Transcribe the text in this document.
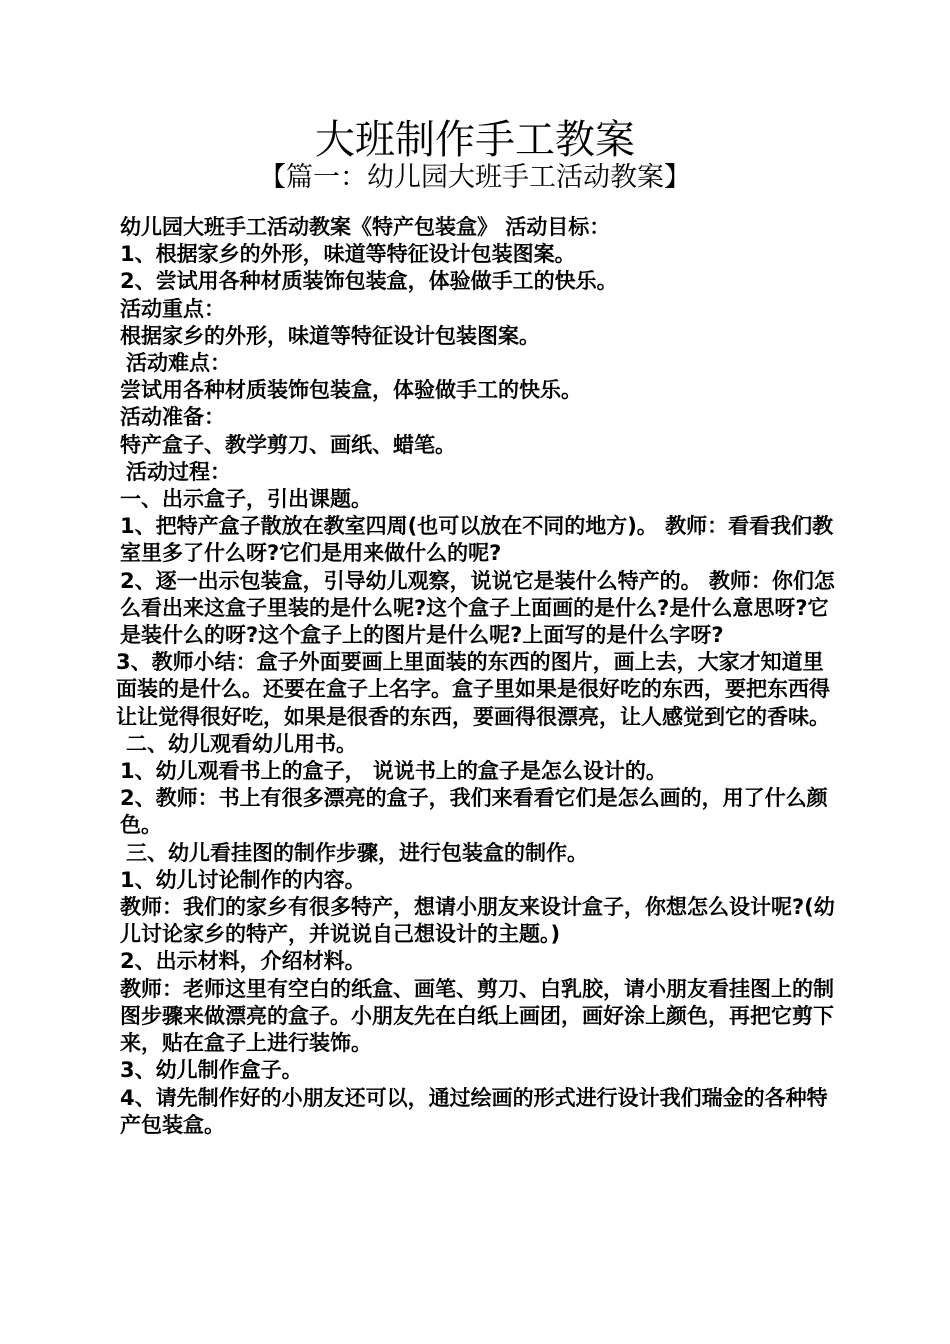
大班制作手工教案
【篇一：幼儿园大班手工活动教案】

幼儿园大班手工活动教案《特产包装盒》 活动目标：

1、根据家乡的外形，味道等特征设计包装图案。

2、尝试用各种材质装饰包装盒，体验做手工的快乐。

活动重点：

根据家乡的外形，味道等特征设计包装图案。

活动难点：

尝试用各种材质装饰包装盒，体验做手工的快乐。

活动准备：

特产盒子、教学剪刀、画纸、蜡笔。

活动过程：

一、出示盒子，引出课题。

1、把特产盒子散放在教室四周(也可以放在不同的地方)。 教师：看看我们教室里多了什么呀?它们是用来做什么的呢?

2、逐一出示包装盒，引导幼儿观察，说说它是装什么特产的。 教师：你们怎么看出来这盒子里装的是什么呢?这个盒子上面画的是什么?是什么意思呀?它是装什么的呀?这个盒子上的图片是什么呢?上面写的是什么字呀?

3、教师小结：盒子外面要画上里面装的东西的图片，画上去，大家才知道里面装的是什么。还要在盒子上名字。盒子里如果是很好吃的东西，要把东西得让让觉得很好吃，如果是很香的东西，要画得很漂亮，让人感觉到它的香味。

二、幼儿观看幼儿用书。

1、幼儿观看书上的盒子， 说说书上的盒子是怎么设计的。

2、教师：书上有很多漂亮的盒子，我们来看看它们是怎么画的，用了什么颜色。

三、幼儿看挂图的制作步骤，进行包装盒的制作。

1、幼儿讨论制作的内容。

教师：我们的家乡有很多特产，想请小朋友来设计盒子，你想怎么设计呢?(幼儿讨论家乡的特产，并说说自己想设计的主题。)

2、出示材料，介绍材料。

教师：老师这里有空白的纸盒、画笔、剪刀、白乳胶，请小朋友看挂图上的制图步骤来做漂亮的盒子。小朋友先在白纸上画团，画好涂上颜色，再把它剪下来，贴在盒子上进行装饰。

3、幼儿制作盒子。

4、请先制作好的小朋友还可以，通过绘画的形式进行设计我们瑞金的各种特产包装盒。
